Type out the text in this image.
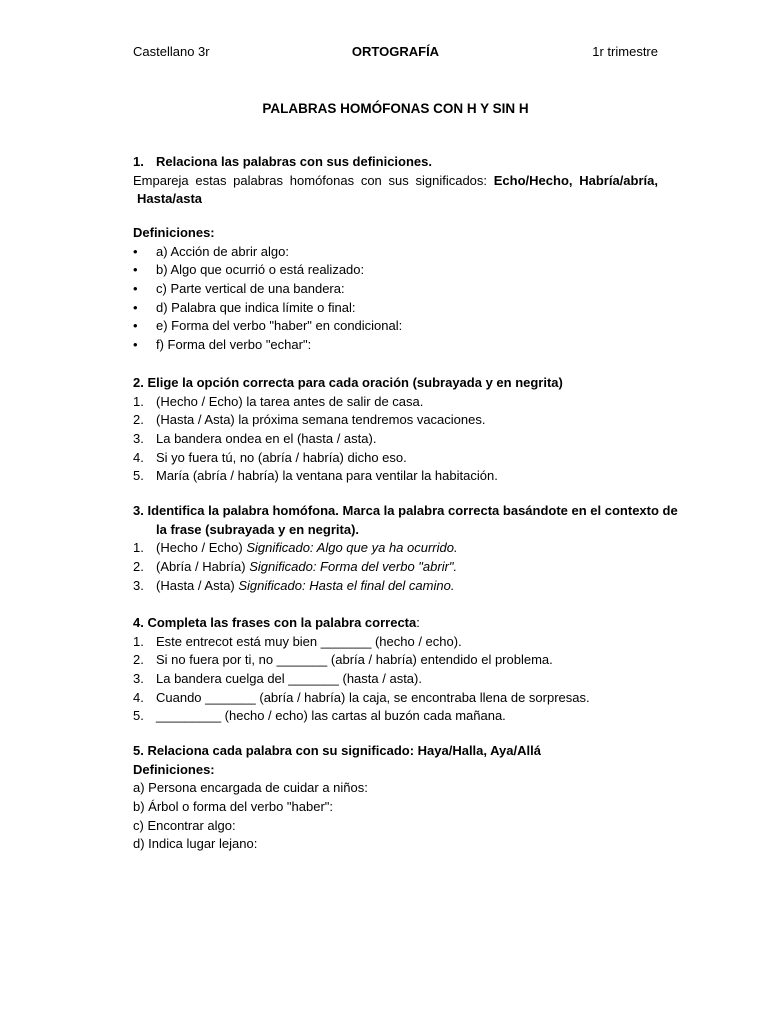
Castellano 3r	ORTOGRAFÍA	1r trimestre
PALABRAS HOMÓFONAS CON H Y SIN H
1. Relaciona las palabras con sus definiciones.
Empareja estas palabras homófonas con sus significados: Echo/Hecho, Habría/abría,
Hasta/asta
Definiciones:
• a) Acción de abrir algo:
• b) Algo que ocurrió o está realizado:
• c) Parte vertical de una bandera:
• d) Palabra que indica límite o final:
• e) Forma del verbo "haber" en condicional:
• f) Forma del verbo "echar":
2. Elige la opción correcta para cada oración (subrayada y en negrita)
1. (Hecho / Echo) la tarea antes de salir de casa.
2. (Hasta / Asta) la próxima semana tendremos vacaciones.
3. La bandera ondea en el (hasta / asta).
4. Si yo fuera tú, no (abría / habría) dicho eso.
5. María (abría / habría) la ventana para ventilar la habitación.
3. Identifica la palabra homófona. Marca la palabra correcta basándote en el contexto de
la frase (subrayada y en negrita).
1. (Hecho / Echo) Significado: Algo que ya ha ocurrido.
2. (Abría / Habría) Significado: Forma del verbo "abrir".
3. (Hasta / Asta) Significado: Hasta el final del camino.
4. Completa las frases con la palabra correcta:
1. Este entrecot está muy bien _______ (hecho / echo).
2. Si no fuera por ti, no _______ (abría / habría) entendido el problema.
3. La bandera cuelga del _______ (hasta / asta).
4. Cuando _______ (abría / habría) la caja, se encontraba llena de sorpresas.
5. _________ (hecho / echo) las cartas al buzón cada mañana.
5. Relaciona cada palabra con su significado: Haya/Halla, Aya/Allá
Definiciones:
a) Persona encargada de cuidar a niños:
b) Árbol o forma del verbo "haber":
c) Encontrar algo:
d) Indica lugar lejano:
